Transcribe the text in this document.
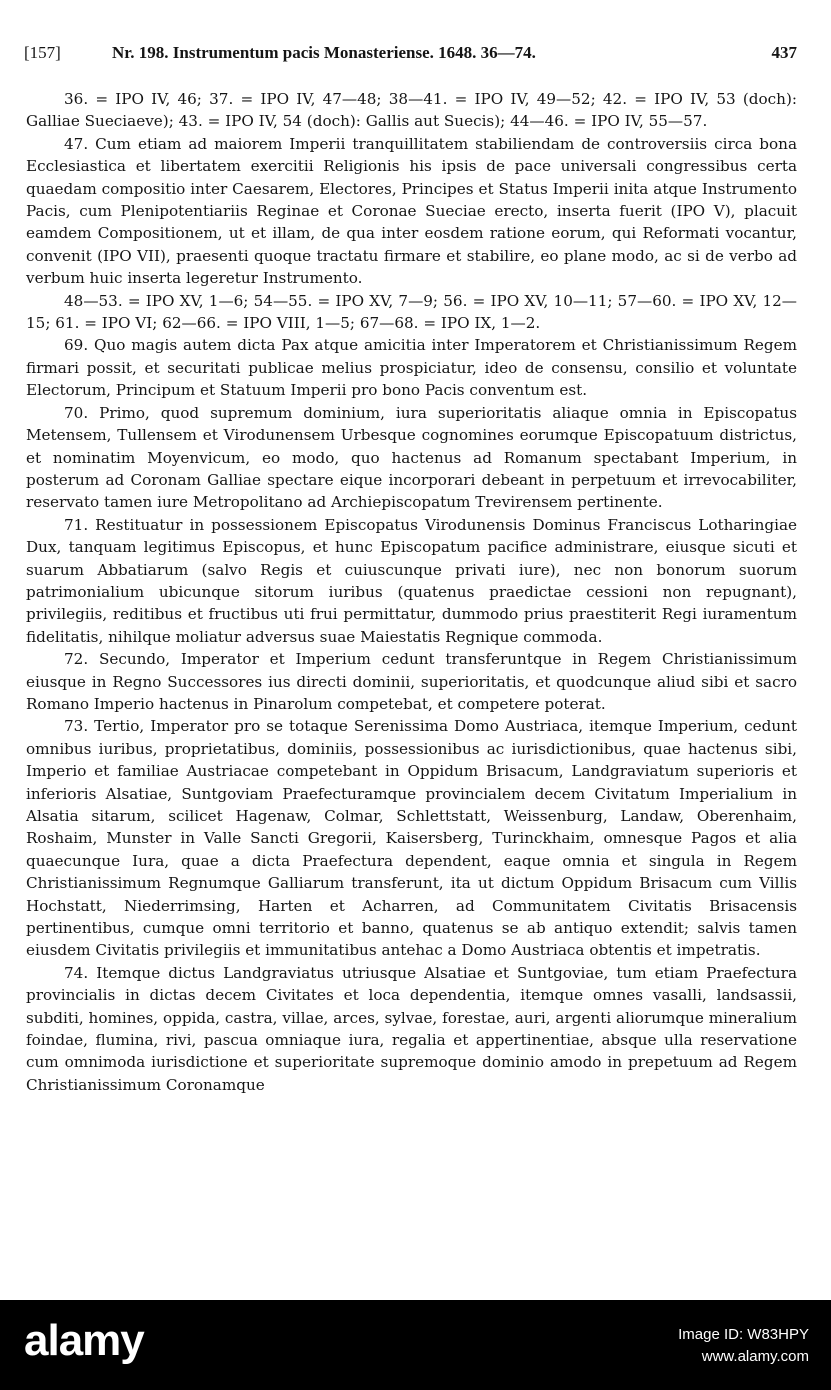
[157]	Nr. 198. Instrumentum pacis Monasteriense. 1648. 36—74.	437

36. = IPO IV, 46; 37. = IPO IV, 47—48; 38—41. = IPO IV, 49—52; 42. = IPO IV, 53 (doch): Galliae Sueciaeve); 43. = IPO IV, 54 (doch): Gallis aut Suecis); 44—46. = IPO IV, 55—57.

47. Cum etiam ad maiorem Imperii tranquillitatem stabiliendam de controversiis circa bona Ecclesiastica et libertatem exercitii Religionis his ipsis de pace universali congressibus certa quaedam compositio inter Caesarem, Electores, Principes et Status Imperii inita atque Instrumento Pacis, cum Plenipotentiariis Reginae et Coronae Sueciae erecto, inserta fuerit (IPO V), placuit eamdem Compositionem, ut et illam, de qua inter eosdem ratione eorum, qui Reformati vocantur, convenit (IPO VII), praesenti quoque tractatu firmare et stabilire, eo plane modo, ac si de verbo ad verbum huic inserta legeretur Instrumento.

48—53. = IPO XV, 1—6; 54—55. = IPO XV, 7—9; 56. = IPO XV, 10—11; 57—60. = IPO XV, 12—15; 61. = IPO VI; 62—66. = IPO VIII, 1—5; 67—68. = IPO IX, 1—2.

69. Quo magis autem dicta Pax atque amicitia inter Imperatorem et Christianissimum Regem firmari possit, et securitati publicae melius prospiciatur, ideo de consensu, consilio et voluntate Electorum, Principum et Statuum Imperii pro bono Pacis conventum est.

70. Primo, quod supremum dominium, iura superioritatis aliaque omnia in Episcopatus Metensem, Tullensem et Virodunensem Urbesque cognomines eorumque Episcopatuum districtus, et nominatim Moyenvicum, eo modo, quo hactenus ad Romanum spectabant Imperium, in posterum ad Coronam Galliae spectare eique incorporari debeant in perpetuum et irrevocabiliter, reservato tamen iure Metropolitano ad Archiepiscopatum Trevirensem pertinente.

71. Restituatur in possessionem Episcopatus Virodunensis Dominus Franciscus Lotharingiae Dux, tanquam legitimus Episcopus, et hunc Episcopatum pacifice administrare, eiusque sicuti et suarum Abbatiarum (salvo Regis et cuiuscunque privati iure), nec non bonorum suorum patrimonialium ubicunque sitorum iuribus (quatenus praedictae cessioni non repugnant), privilegiis, reditibus et fructibus uti frui permittatur, dummodo prius praestiterit Regi iuramentum fidelitatis, nihilque moliatur adversus suae Maiestatis Regnique commoda.

72. Secundo, Imperator et Imperium cedunt transferuntque in Regem Christianissimum eiusque in Regno Successores ius directi dominii, superioritatis, et quodcunque aliud sibi et sacro Romano Imperio hactenus in Pinarolum competebat, et competere poterat.

73. Tertio, Imperator pro se totaque Serenissima Domo Austriaca, itemque Imperium, cedunt omnibus iuribus, proprietatibus, dominiis, possessionibus ac iurisdictionibus, quae hactenus sibi, Imperio et familiae Austriacae competebant in Oppidum Brisacum, Landgraviatum superioris et inferioris Alsatiae, Suntgoviam Praefecturamque provincialem decem Civitatum Imperialium in Alsatia sitarum, scilicet Hagenaw, Colmar, Schlettstatt, Weissenburg, Landaw, Oberenhaim, Roshaim, Munster in Valle Sancti Gregorii, Kaisersberg, Turinckhaim, omnesque Pagos et alia quaecunque Iura, quae a dicta Praefectura dependent, eaque omnia et singula in Regem Christianissimum Regnumque Galliarum transferunt, ita ut dictum Oppidum Brisacum cum Villis Hochstatt, Niederrimsing, Harten et Acharren, ad Communitatem Civitatis Brisacensis pertinentibus, cumque omni territorio et banno, quatenus se ab antiquo extendit; salvis tamen eiusdem Civitatis privilegiis et immunitatibus antehac a Domo Austriaca obtentis et impetratis.

74. Itemque dictus Landgraviatus utriusque Alsatiae et Suntgoviae, tum etiam Praefectura provincialis in dictas decem Civitates et loca dependentia, itemque omnes vasalli, landsassii, subditi, homines, oppida, castra, villae, arces, sylvae, forestae, auri, argenti aliorumque mineralium foindae, flumina, rivi, pascua omniaque iura, regalia et appertinentiae, absque ulla reservatione cum omnimoda iurisdictione et superioritate supremoque dominio amodo in prepetuum ad Regem Christianissimum Coronamque

alamy	Image ID: W83HPY
www.alamy.com
